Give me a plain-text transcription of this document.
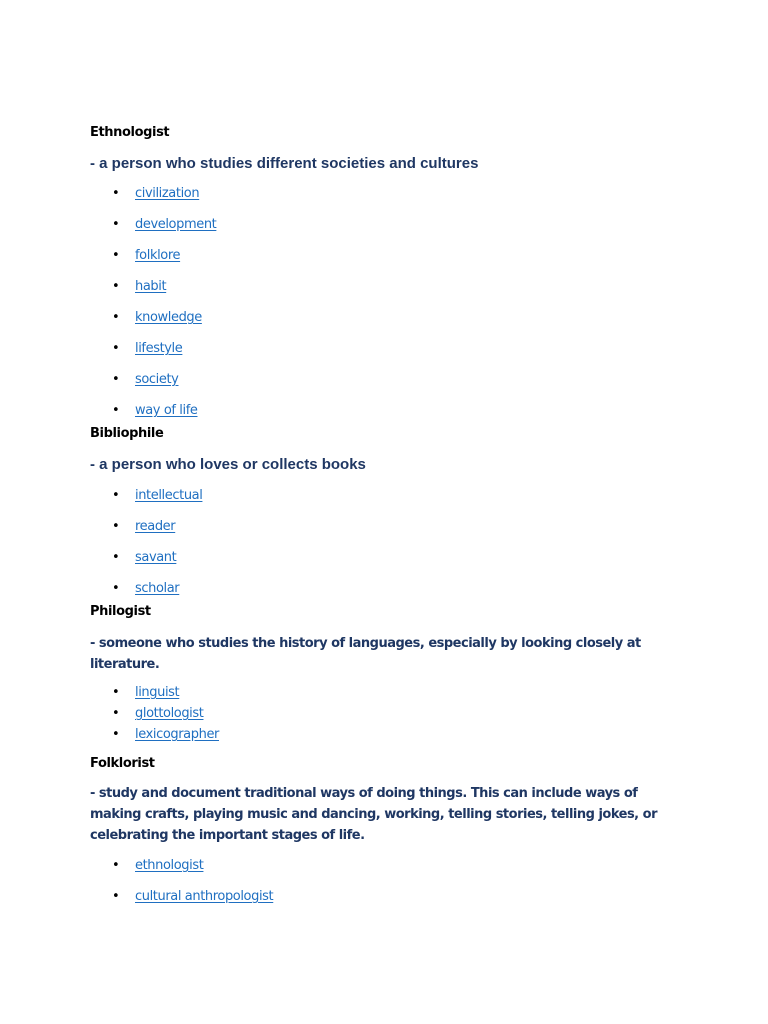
Ethnologist

- a person who studies different societies and cultures

• civilization
• development
• folklore
• habit
• knowledge
• lifestyle
• society
• way of life

Bibliophile

- a person who loves or collects books

• intellectual
• reader
• savant
• scholar

Philogist

- someone who studies the history of languages, especially by looking closely at literature.

• linguist
• glottologist
• lexicographer

Folklorist

- study and document traditional ways of doing things. This can include ways of making crafts, playing music and dancing, working, telling stories, telling jokes, or celebrating the important stages of life.

• ethnologist
• cultural anthropologist
